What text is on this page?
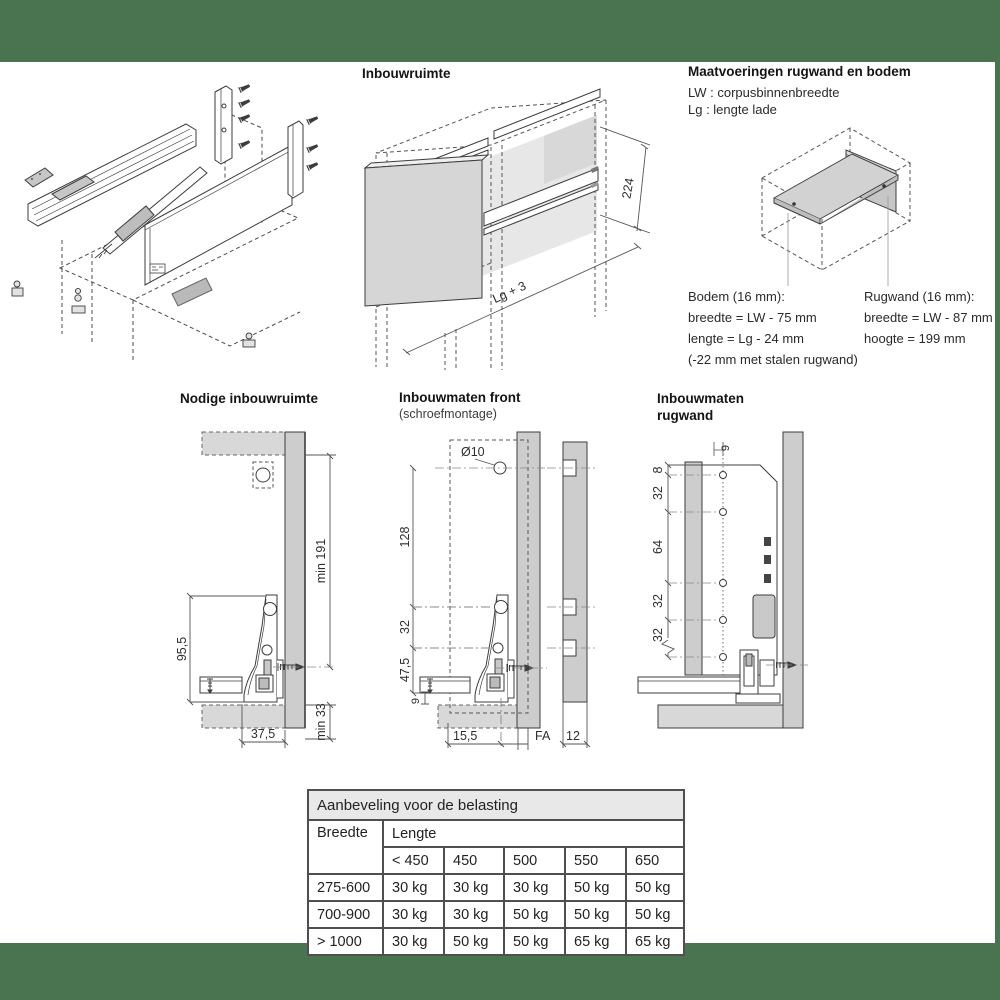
Inbouwruimte
224
Lg + 3
Maatvoeringen rugwand en bodem
LW : corpusbinnenbreedte
Lg : lengte lade
Bodem (16 mm):
breedte = LW - 75 mm
lengte = Lg - 24 mm
(-22 mm met stalen rugwand)
Rugwand (16 mm):
breedte = LW - 87 mm
hoogte = 199 mm
Nodige inbouwruimte
95,5
min 191
min 33
37,5
Inbouwmaten front
(schroefmontage)
Ø10
128
32
47,5
9
15,5	FA 12
Inbouwmaten
rugwand
9
8
32
64
32
32
Aanbeveling voor de belasting					
Breedte	Lengte				
	< 450	450	500	550	650
275-600	30 kg	30 kg	30 kg	50 kg	50 kg
700-900	30 kg	30 kg	50 kg	50 kg	50 kg
> 1000	30 kg	50 kg	50 kg	65 kg	65 kg
